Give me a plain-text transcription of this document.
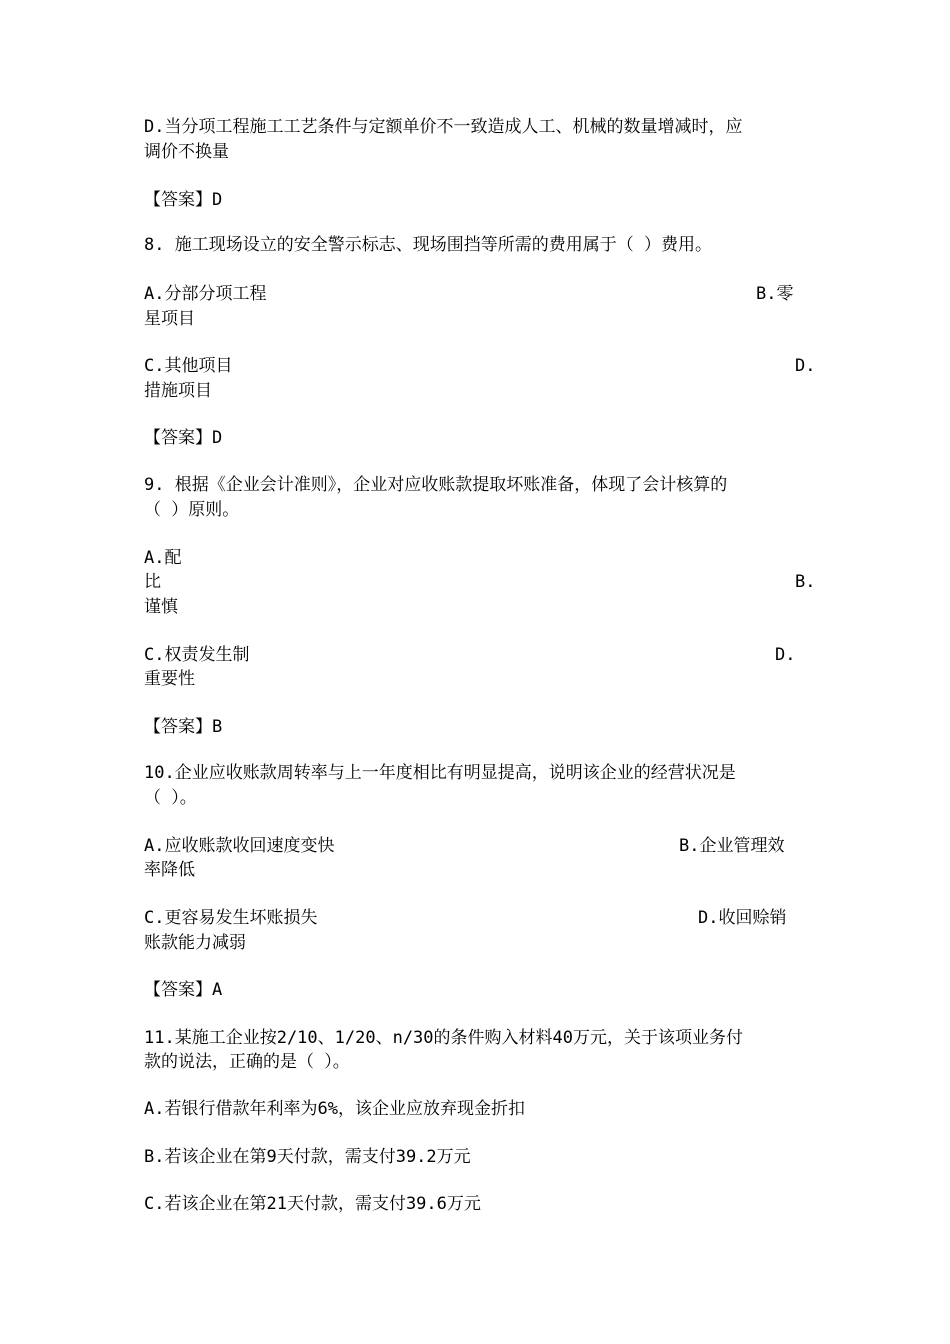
D.当分项工程施工工艺条件与定额单价不一致造成人工、机械的数量增减时，应

调价不换量

【答案】D

8. 施工现场设立的安全警示标志、现场围挡等所需的费用属于（ ）费用。

A.分部分项工程	B.零

星项目

C.其他项目	D.

措施项目

【答案】D

9. 根据《企业会计准则》，企业对应收账款提取坏账准备，体现了会计核算的

（ ）原则。

A.配

比	B.

谨慎

C.权责发生制	D.

重要性

【答案】B

10.企业应收账款周转率与上一年度相比有明显提高，说明该企业的经营状况是

（ ）。

A.应收账款收回速度变快	B.企业管理效

率降低

C.更容易发生坏账损失	D.收回赊销

账款能力减弱

【答案】A

11.某施工企业按2/10、1/20、n/30的条件购入材料40万元，关于该项业务付

款的说法，正确的是（ ）。

A.若银行借款年利率为6%，该企业应放弃现金折扣

B.若该企业在第9天付款，需支付39.2万元

C.若该企业在第21天付款，需支付39.6万元
